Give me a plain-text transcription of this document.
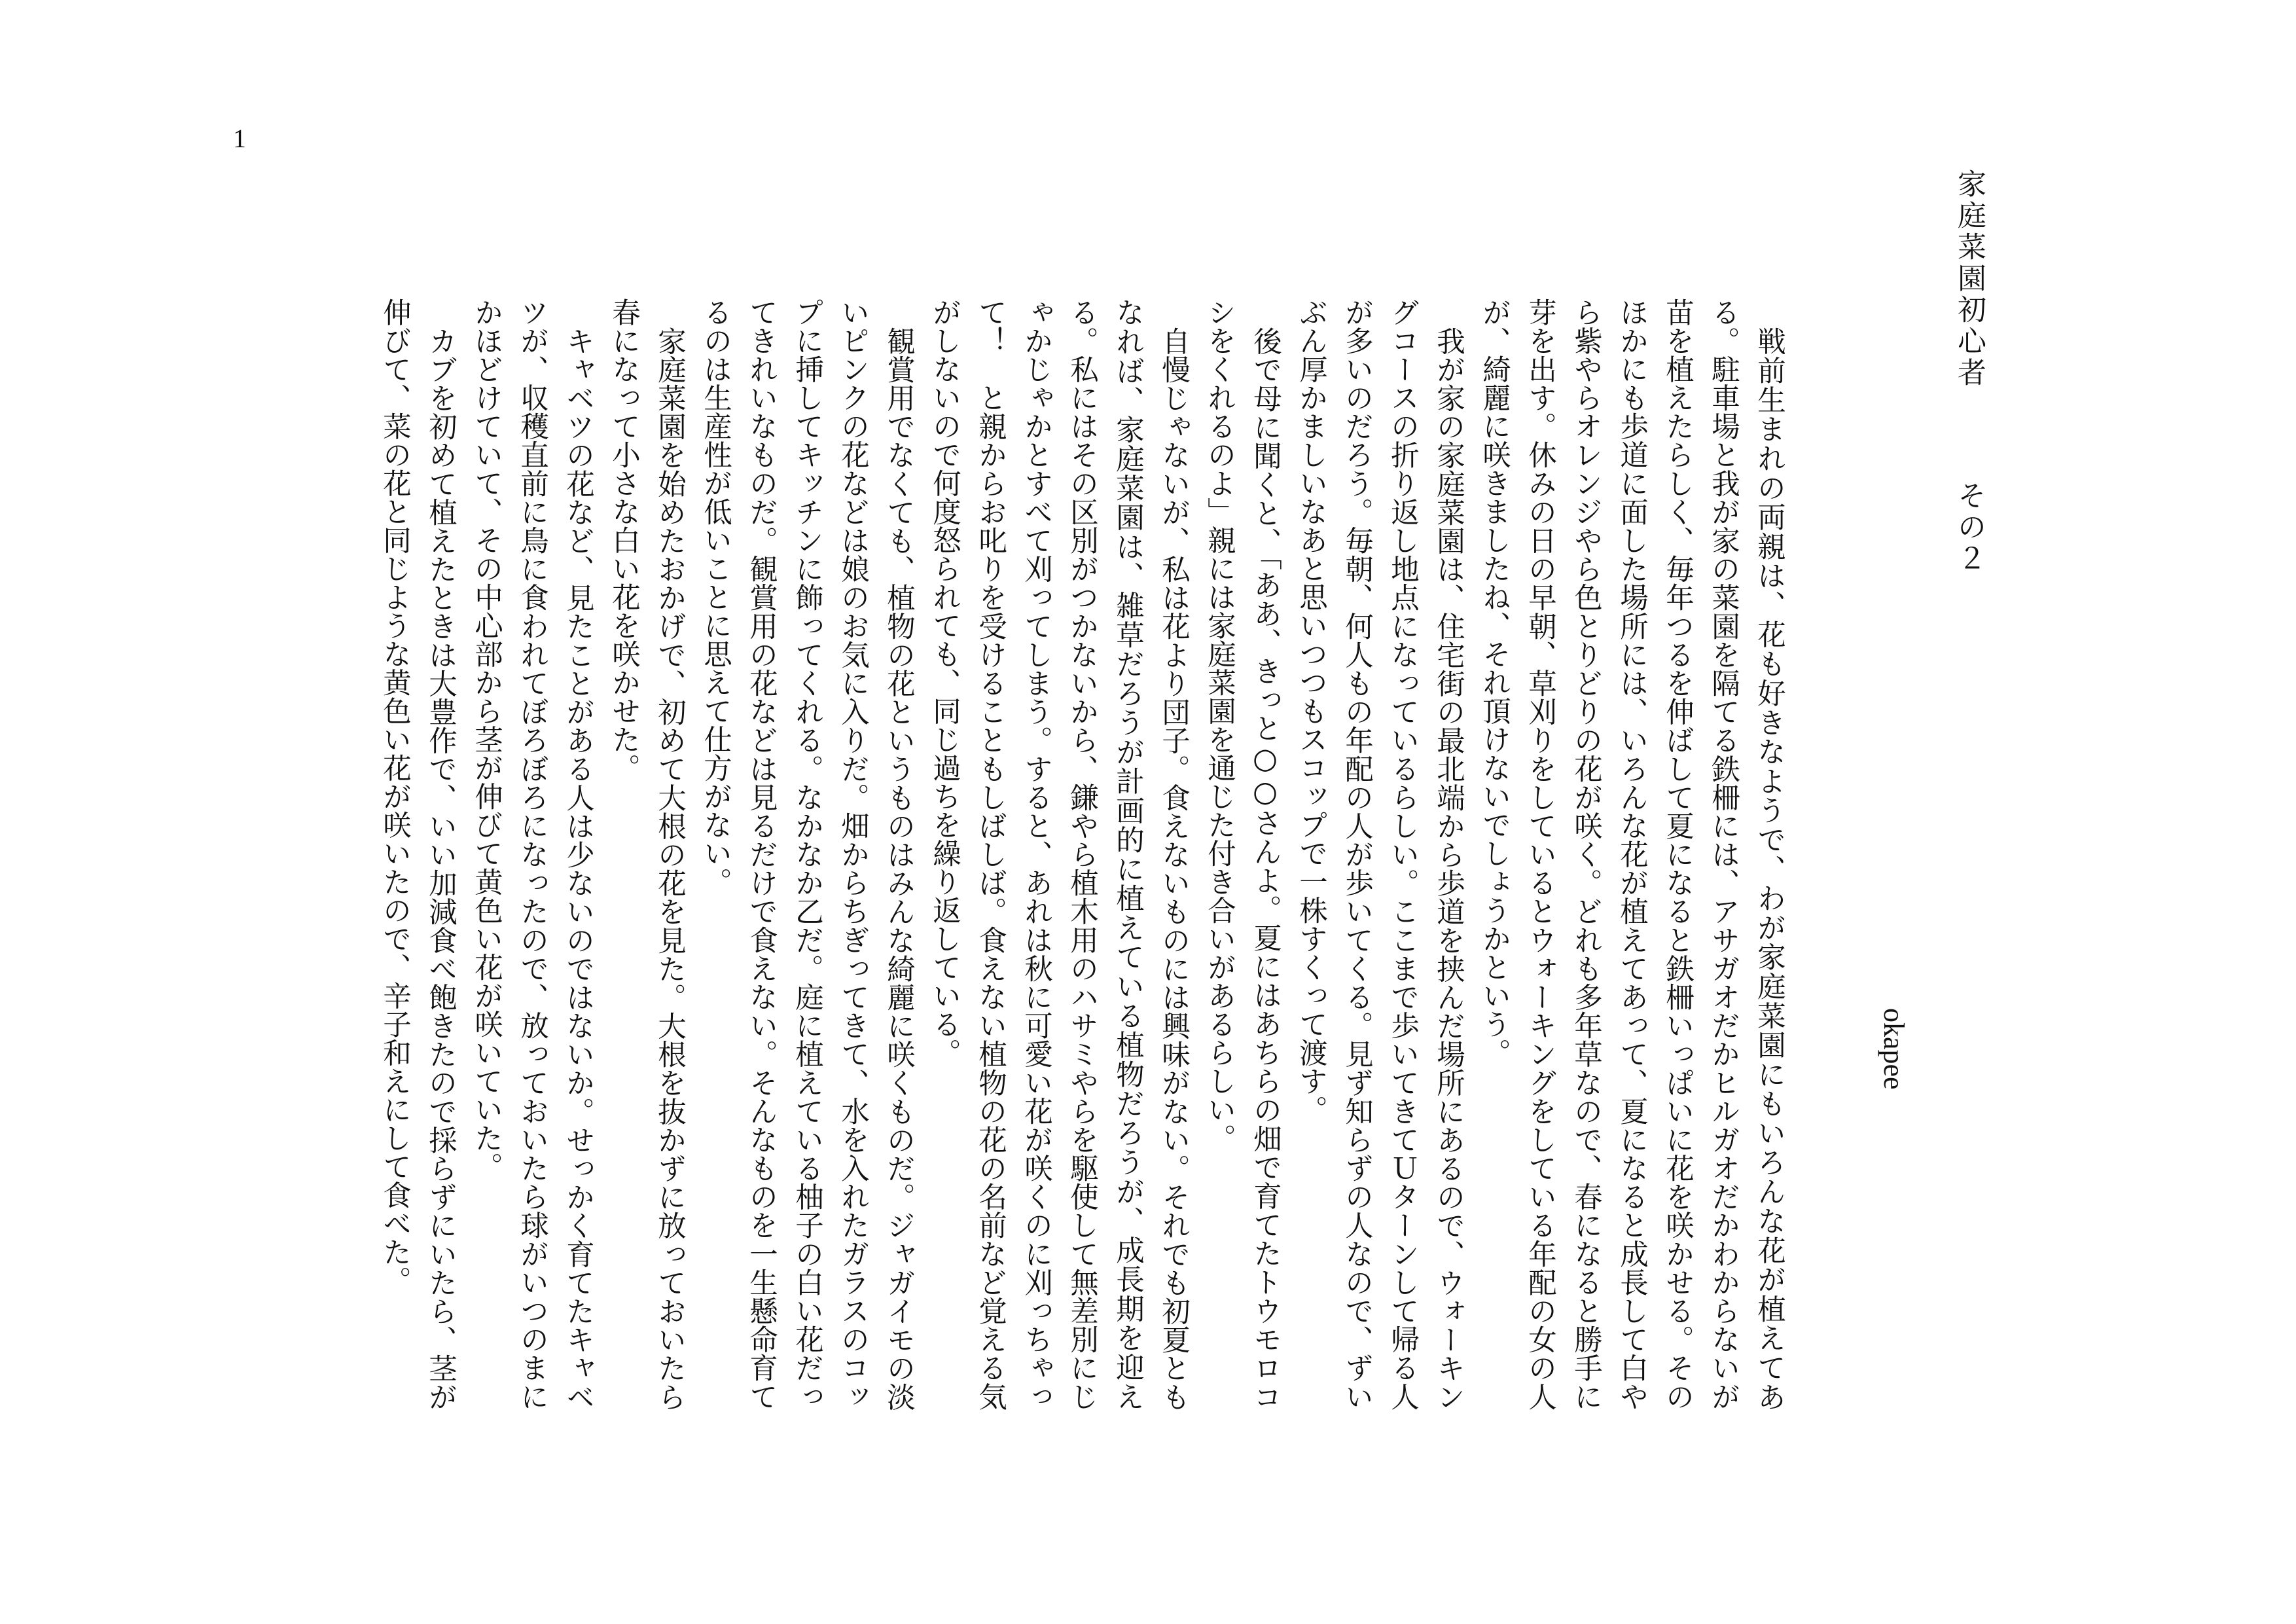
1
家庭菜園初心者その２
okapee

戦前生まれの両親は、花も好きなようで、わが家庭菜園にもいろんな花が植えてある。駐車場と我が家の菜園を隔てる鉄柵には、アサガオだかヒルガオだかわからないが苗を植えたらしく、毎年つるを伸ばして夏になると鉄柵いっぱいに花を咲かせる。そのほかにも歩道に面した場所には、いろんな花が植えてあって、夏になると成長して白やら紫やらオレンジやら色とりどりの花が咲く。どれも多年草なので、春になると勝手に芽を出す。休みの日の早朝、草刈りをしているとウォーキングをしている年配の女の人が、綺麗に咲きましたね、それ頂けないでしょうかという。

我が家の家庭菜園は、住宅街の最北端から歩道を挟んだ場所にあるので、ウォーキングコースの折り返し地点になっているらしい。ここまで歩いてきてＵターンして帰る人が多いのだろう。毎朝、何人もの年配の人が歩いてくる。見ず知らずの人なので、ずいぶん厚かましいなあと思いつつもスコップで一株すくって渡す。

後で母に聞くと、「ああ、きっと○○さんよ。夏にはあちらの畑で育てたトウモロコシをくれるのよ」親には家庭菜園を通じた付き合いがあるらしい。

自慢じゃないが、私は花より団子。食えないものには興味がない。それでも初夏ともなれば、家庭菜園は、雑草だろうが計画的に植えている植物だろうが、成長期を迎える。私にはその区別がつかないから、鎌やら植木用のハサミやらを駆使して無差別にじゃかじゃかとすべて刈ってしまう。すると、あれは秋に可愛い花が咲くのに刈っちゃって！　と親からお叱りを受けることもしばしば。食えない植物の花の名前など覚える気がしないので何度怒られても、同じ過ちを繰り返している。

観賞用でなくても、植物の花というものはみんな綺麗に咲くものだ。ジャガイモの淡いピンクの花などは娘のお気に入りだ。畑からちぎってきて、水を入れたガラスのコップに挿してキッチンに飾ってくれる。なかなか乙だ。庭に植えている柚子の白い花だってきれいなものだ。観賞用の花などは見るだけで食えない。そんなものを一生懸命育てるのは生産性が低いことに思えて仕方がない。

家庭菜園を始めたおかげで、初めて大根の花を見た。大根を抜かずに放っておいたら春になって小さな白い花を咲かせた。

キャベツの花など、見たことがある人は少ないのではないか。せっかく育てたキャベツが、収穫直前に鳥に食われてぼろぼろになったので、放っておいたら球がいつのまにかほどけていて、その中心部から茎が伸びて黄色い花が咲いていた。

カブを初めて植えたときは大豊作で、いい加減食べ飽きたので採らずにいたら、茎が伸びて、菜の花と同じような黄色い花が咲いたので、辛子和えにして食べた。
